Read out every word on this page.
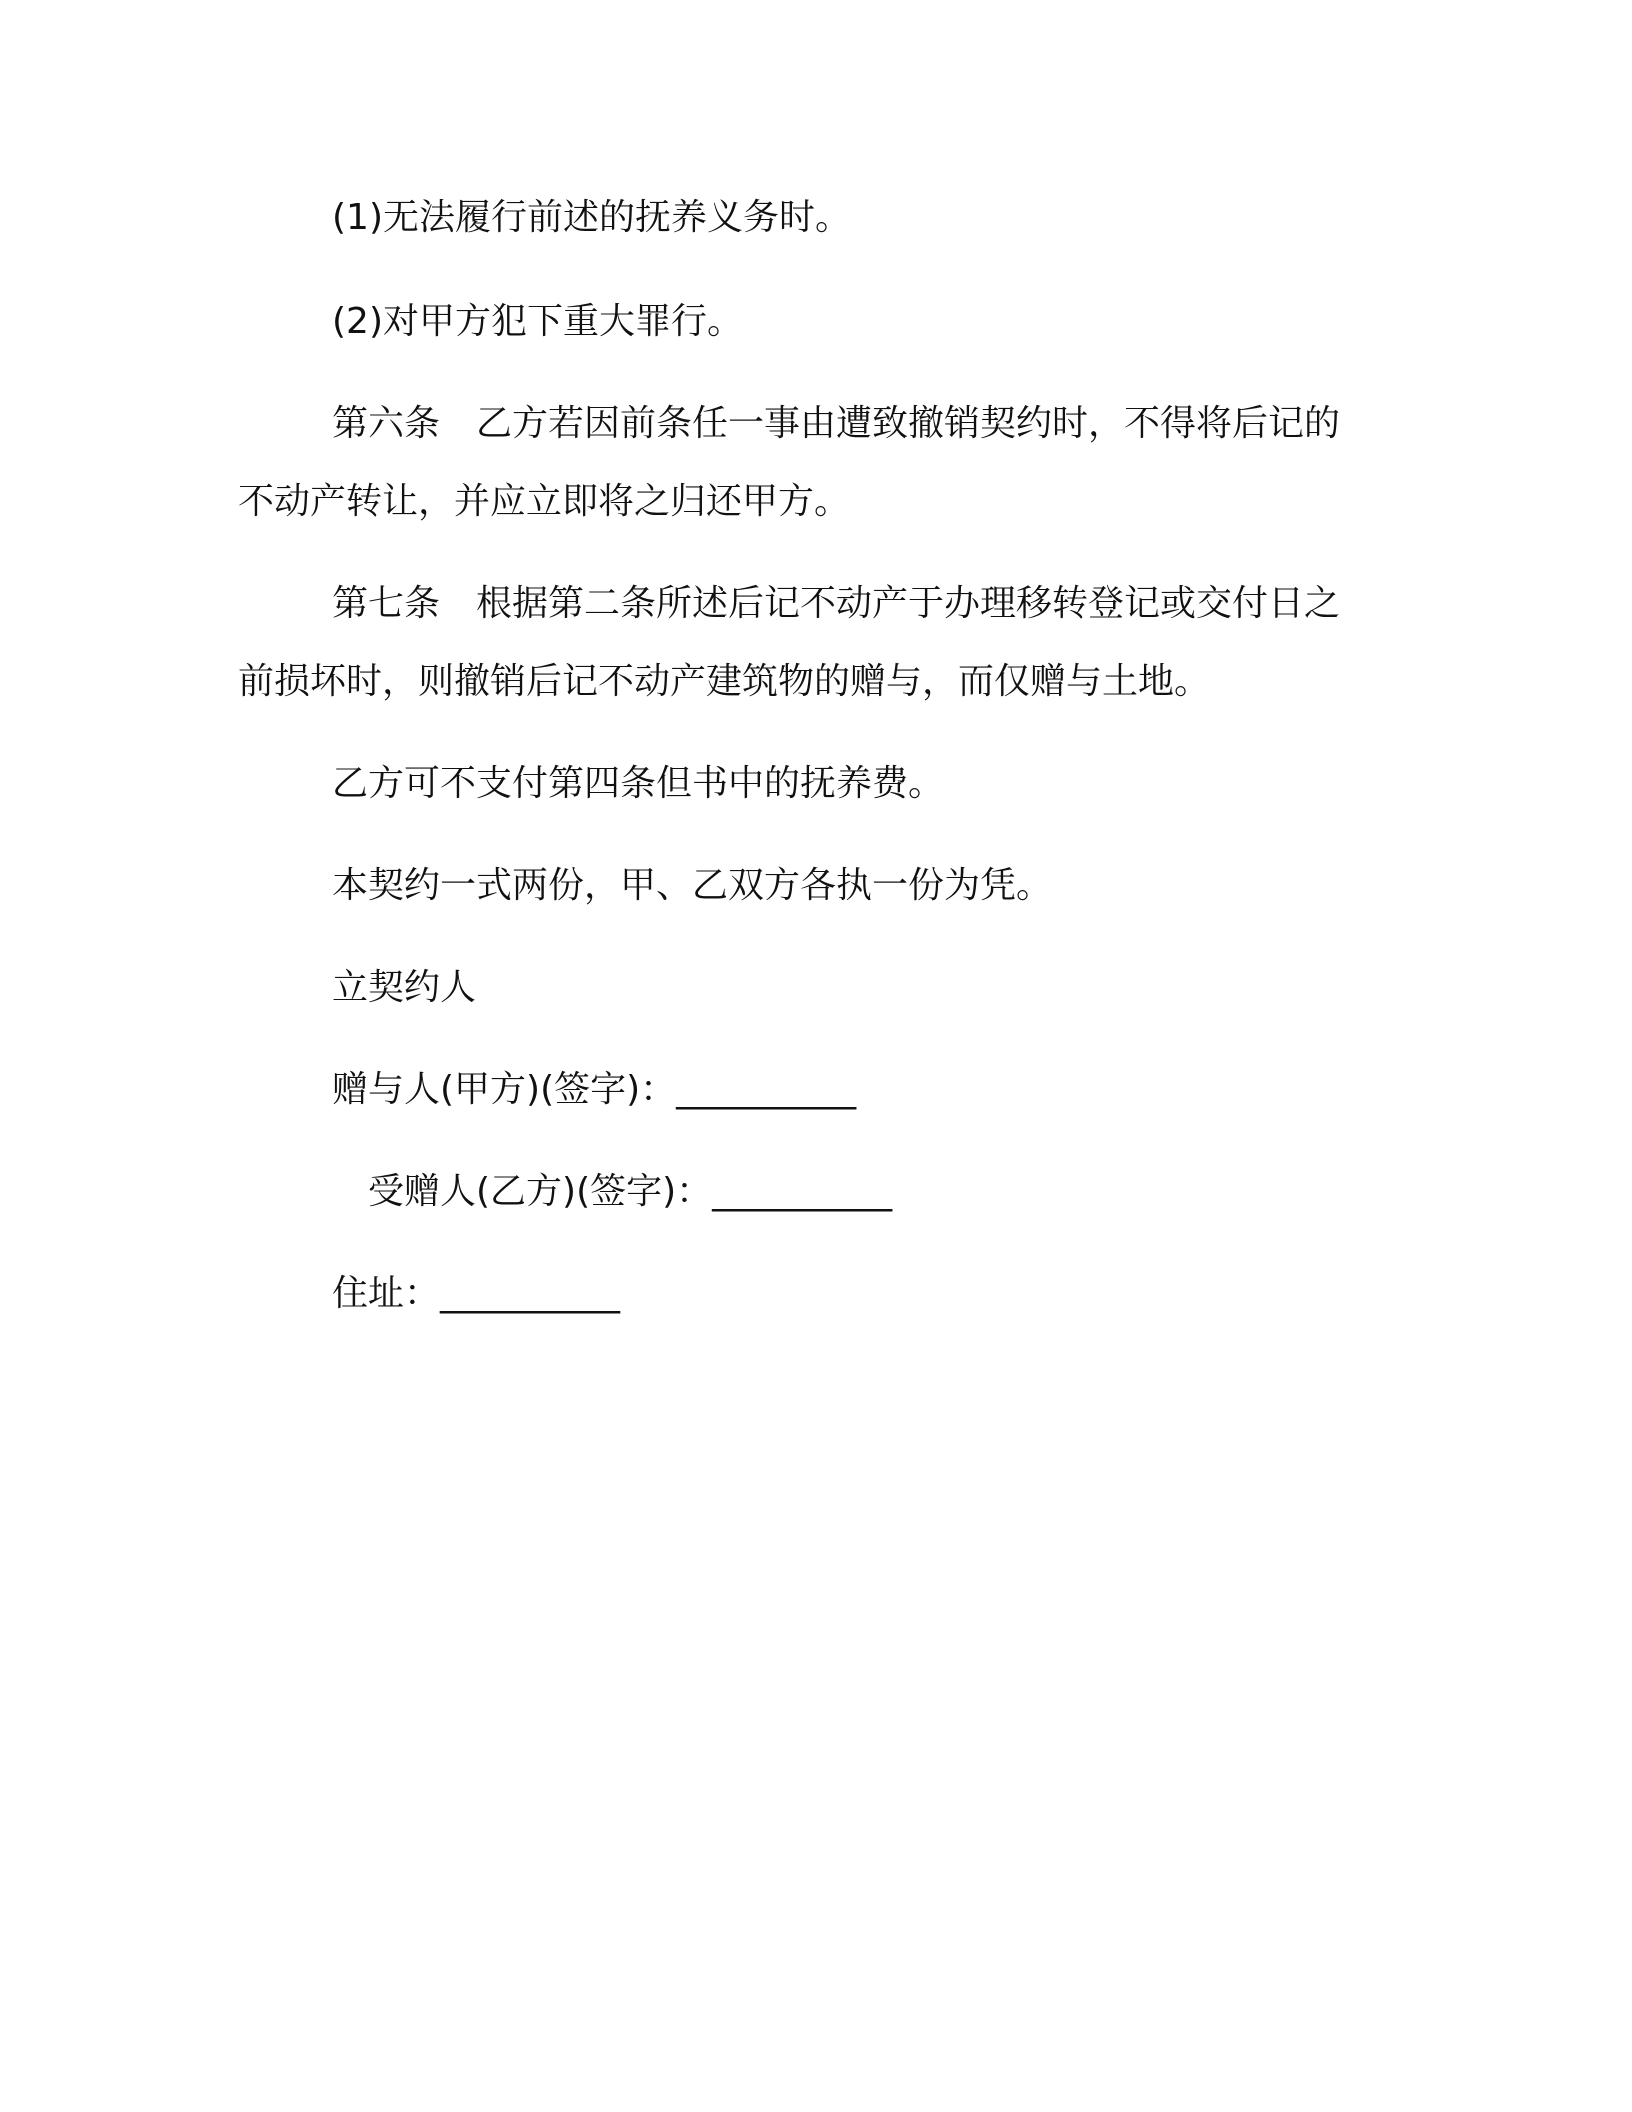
(1)无法履行前述的抚养义务时。
(2)对甲方犯下重大罪行。
第六条　乙方若因前条任一事由遭致撤销契约时，不得将后记的
不动产转让，并应立即将之归还甲方。
第七条　根据第二条所述后记不动产于办理移转登记或交付日之
前损坏时，则撤销后记不动产建筑物的赠与，而仅赠与土地。
乙方可不支付第四条但书中的抚养费。
本契约一式两份，甲、乙双方各执一份为凭。
立契约人
赠与人(甲方)(签字)：__________
受赠人(乙方)(签字)：__________
住址：__________
